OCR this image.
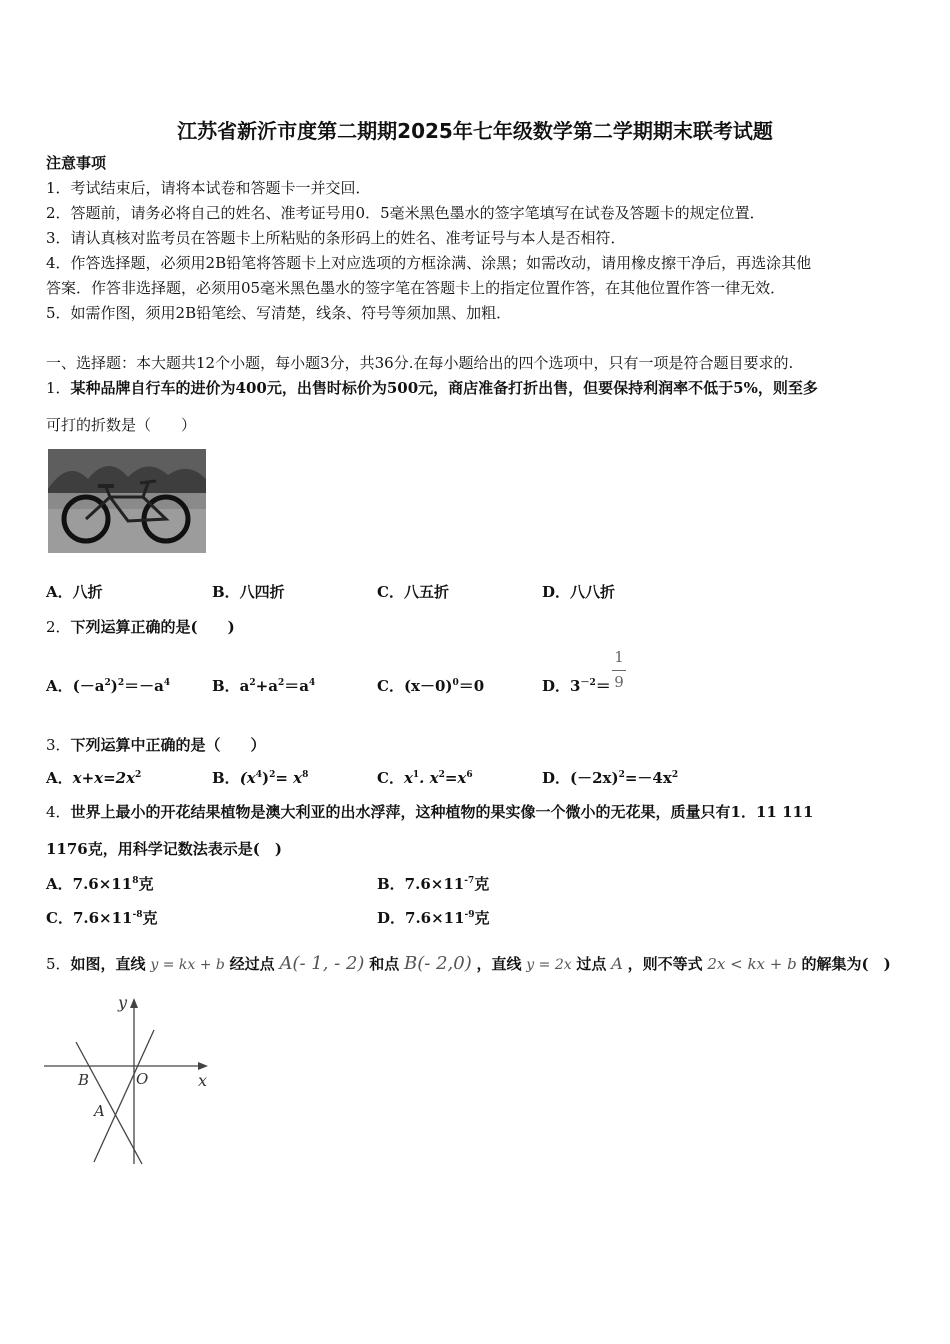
江苏省新沂市度第二期期2025年七年级数学第二学期期末联考试题
注意事项
1．考试结束后，请将本试卷和答题卡一并交回．
2．答题前，请务必将自己的姓名、准考证号用0．5毫米黑色墨水的签字笔填写在试卷及答题卡的规定位置．
3．请认真核对监考员在答题卡上所粘贴的条形码上的姓名、准考证号与本人是否相符．
4．作答选择题，必须用2B铅笔将答题卡上对应选项的方框涂满、涂黑；如需改动，请用橡皮擦干净后，再选涂其他
答案．作答非选择题，必须用05毫米黑色墨水的签字笔在答题卡上的指定位置作答，在其他位置作答一律无效．
5．如需作图，须用2B铅笔绘、写清楚，线条、符号等须加黑、加粗．
一、选择题：本大题共12个小题，每小题3分，共36分.在每小题给出的四个选项中，只有一项是符合题目要求的.
1．某种品牌自行车的进价为400元，出售时标价为500元，商店准备打折出售，但要保持利润率不低于5%，则至多
可打的折数是（　　）
A．八折	B．八四折	C．八五折	D．八八折
2．下列运算正确的是(　　)
A．$(-a^2)^2=-a^4$	B．$a^2+a^2=a^4$	C．$(x-0)^0=0$	D．$3^{-2}=$
1
9
3．下列运算中正确的是（　　）
A．$x+x=2x^2$	B．$(x^4)^2= x^8$	C．$x^1$. $x^2=x^6$	D．$(-2x)^2=-4x^2$
4．世界上最小的开花结果植物是澳大利亚的出水浮萍，这种植物的果实像一个微小的无花果，质量只有1．11 111
1176克，用科学记数法表示是(　)
A．$7.6\times 11^8$克	B．$7.6\times 11^{-7}$克
C．$7.6\times 11^{-8}$克	D．$7.6\times 11^{-9}$克
5．如图，直线 y = kx + b 经过点 A(- 1, - 2) 和点 B(- 2,0) ，直线 y = 2x 过点 A ，则不等式 2x < kx + b 的解集为(　)
y
x
O
B
A
